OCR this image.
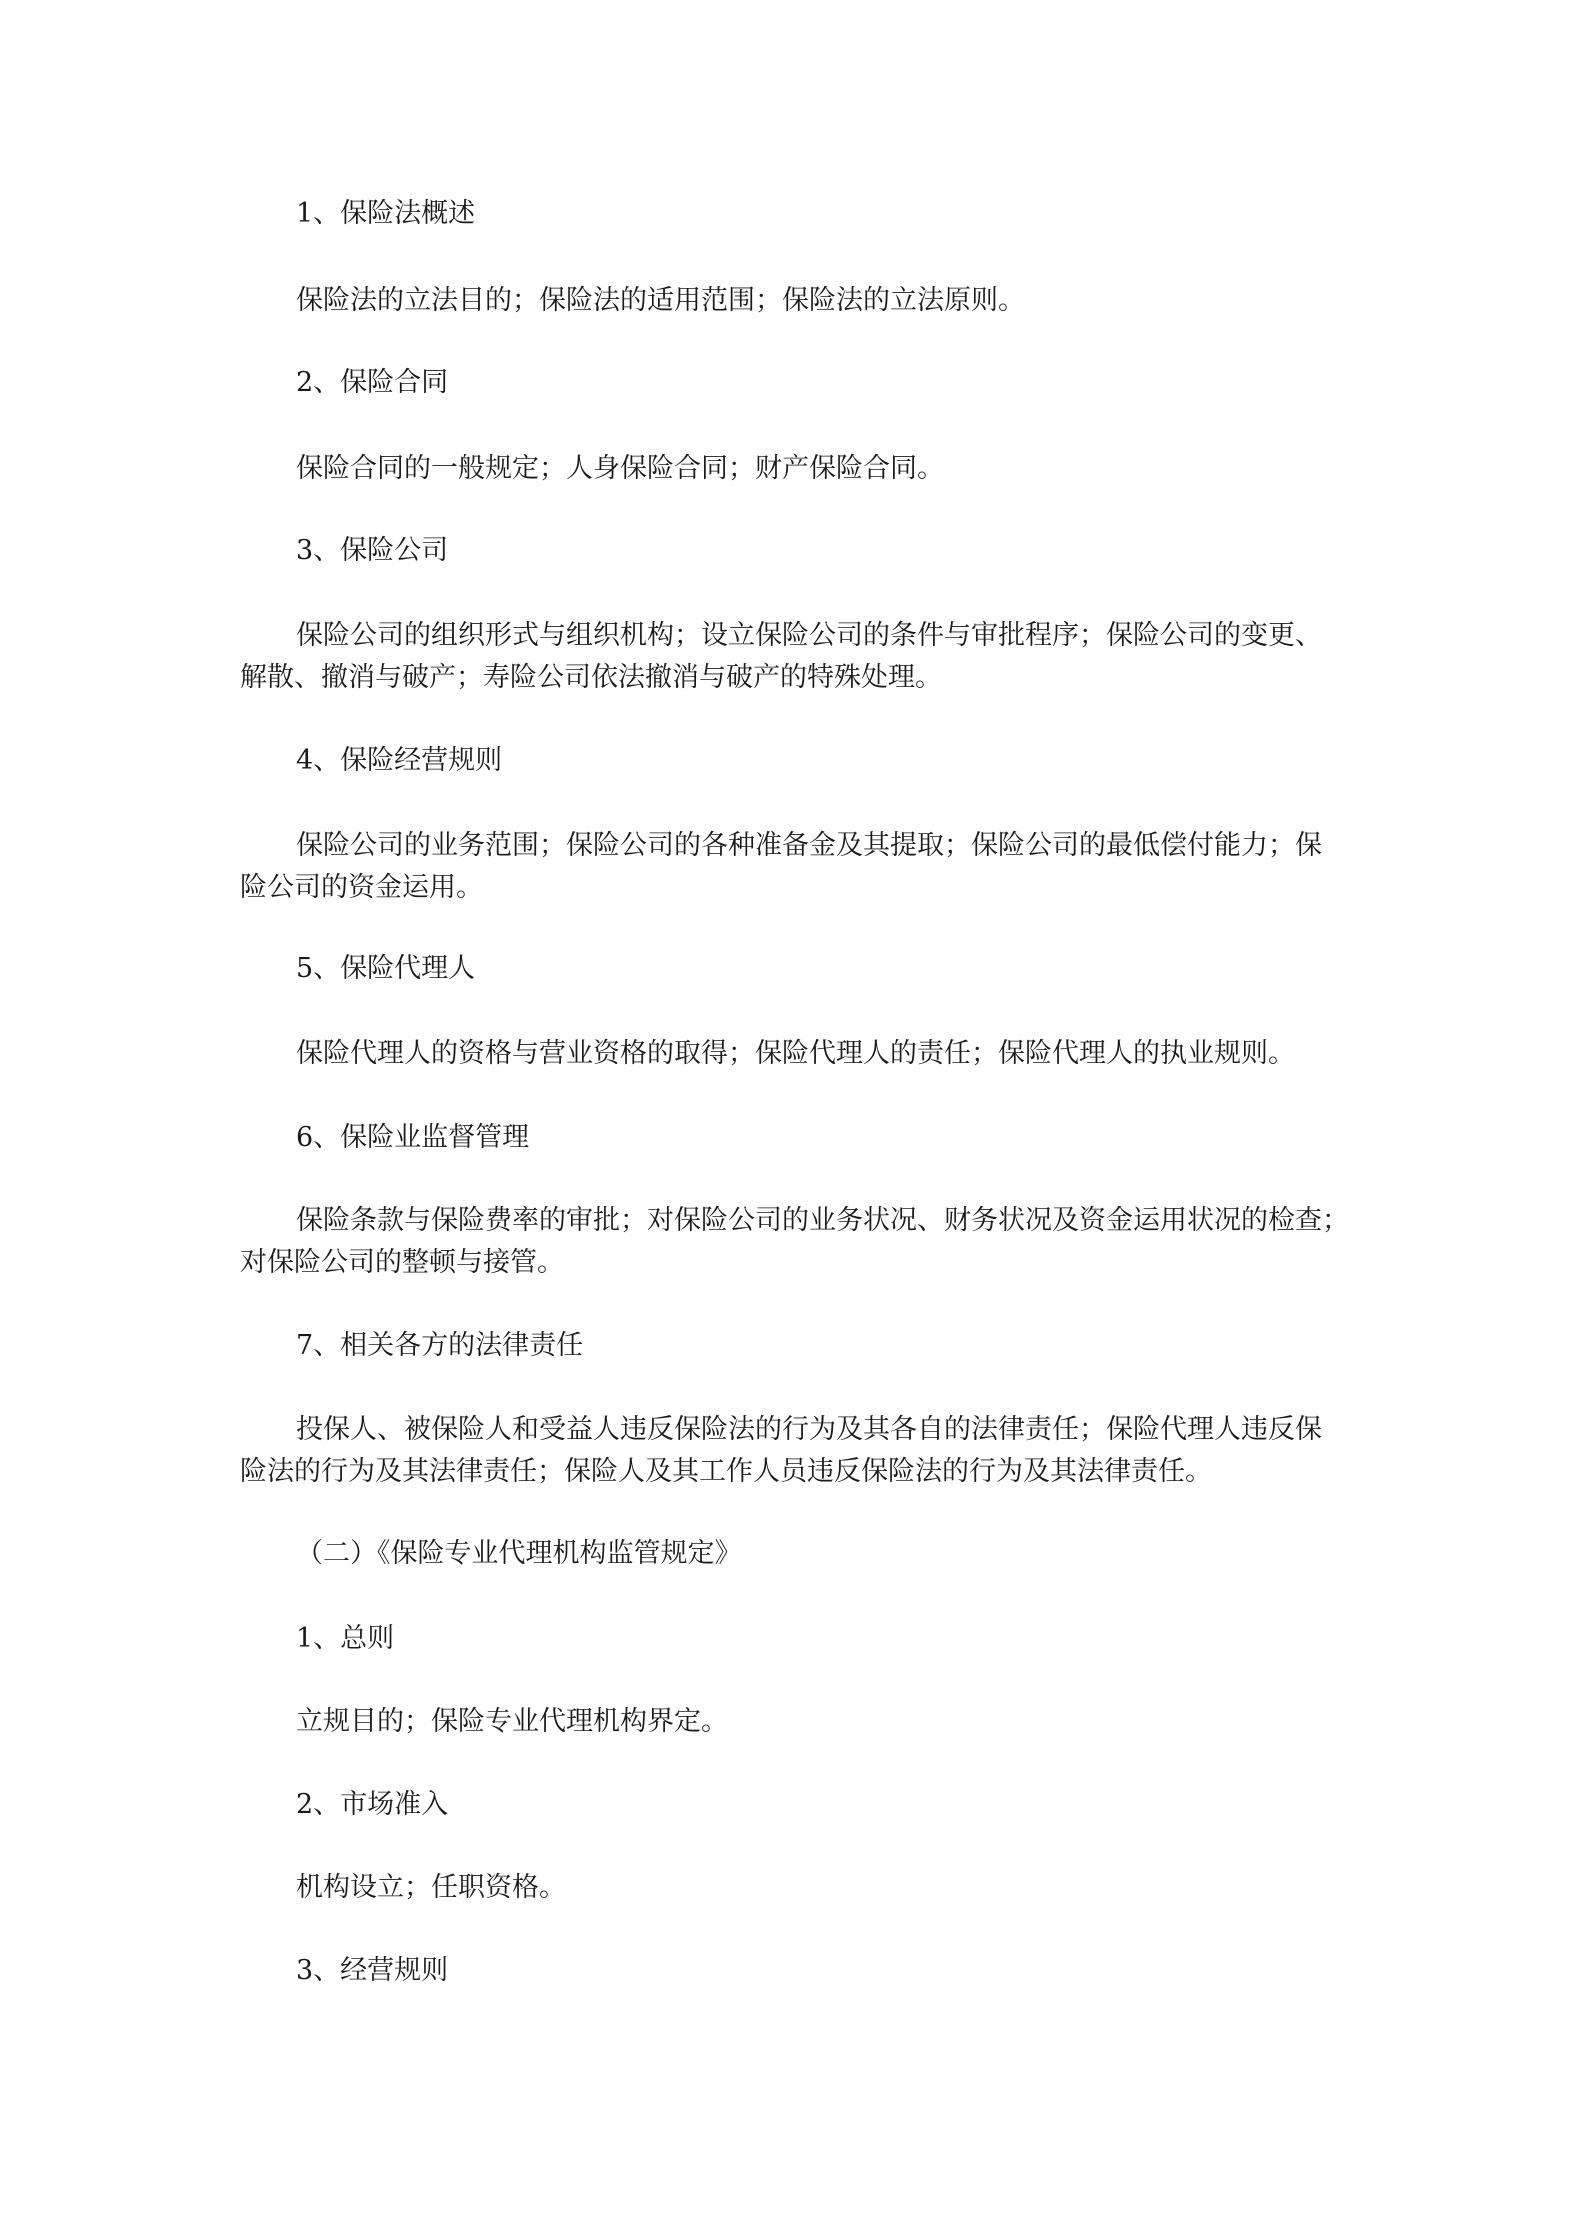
1、保险法概述

保险法的立法目的；保险法的适用范围；保险法的立法原则。

2、保险合同

保险合同的一般规定；人身保险合同；财产保险合同。

3、保险公司

保险公司的组织形式与组织机构；设立保险公司的条件与审批程序；保险公司的变更、

解散、撤消与破产；寿险公司依法撤消与破产的特殊处理。

4、保险经营规则

保险公司的业务范围；保险公司的各种准备金及其提取；保险公司的最低偿付能力；保

险公司的资金运用。

5、保险代理人

保险代理人的资格与营业资格的取得；保险代理人的责任；保险代理人的执业规则。

6、保险业监督管理

保险条款与保险费率的审批；对保险公司的业务状况、财务状况及资金运用状况的检查；

对保险公司的整顿与接管。

7、相关各方的法律责任

投保人、被保险人和受益人违反保险法的行为及其各自的法律责任；保险代理人违反保

险法的行为及其法律责任；保险人及其工作人员违反保险法的行为及其法律责任。

（二）《保险专业代理机构监管规定》

1、总则

立规目的；保险专业代理机构界定。

2、市场准入

机构设立；任职资格。

3、经营规则
